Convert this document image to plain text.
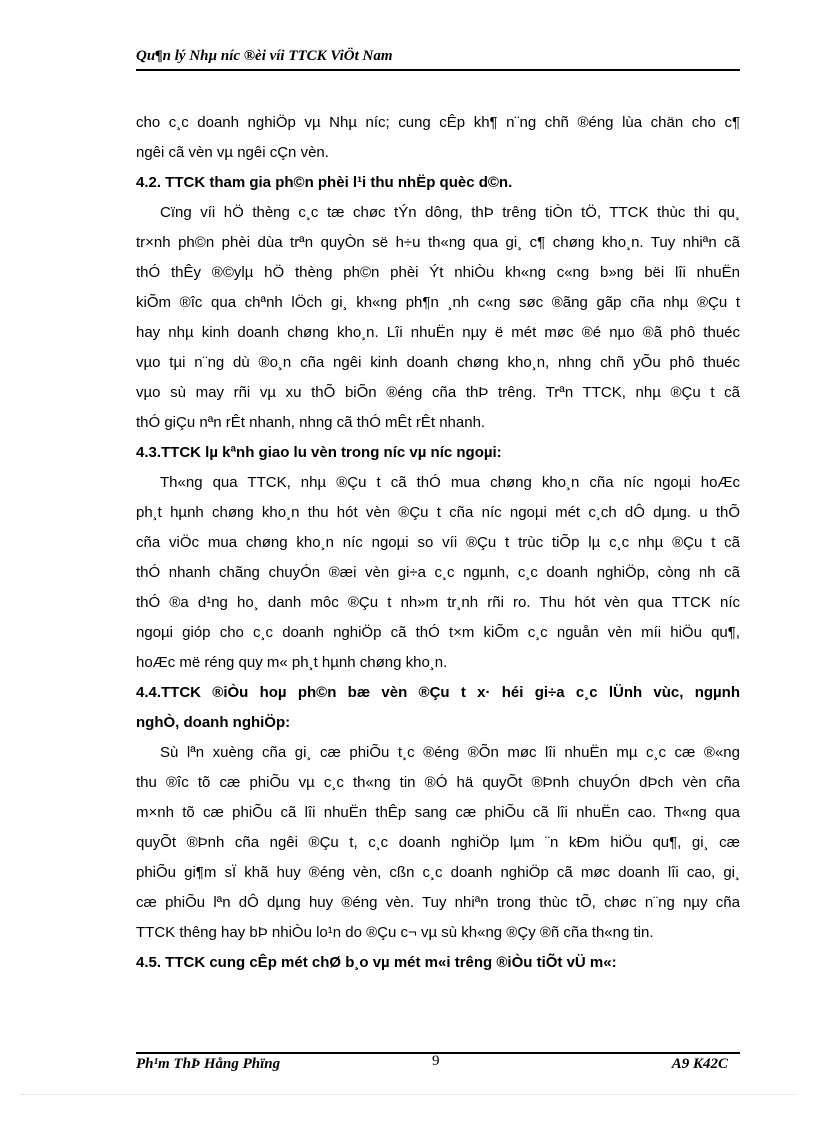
Qu¶n lý Nhµ níc ®èi víi TTCK ViÖt Nam
cho c¸c doanh nghiÖp vµ Nhµ níc; cung cÊp kh¶ n¨ng chñ ®éng lùa chän cho c¶
ngêi cã vèn vµ ngêi cÇn vèn.
4.2. TTCK tham gia ph©n phèi l¹i thu nhËp quèc d©n.
Cïng víi hÖ thèng c¸c tæ chøc tÝn dông, thÞ trêng tiÒn tÖ, TTCK thùc thi qu¸
tr×nh ph©n phèi dùa trªn quyÒn së h÷u th«ng qua gi¸ c¶ chøng kho¸n. Tuy nhiªn cã
thÓ thÊy ®©ylµ hÖ thèng ph©n phèi Ýt nhiÒu kh«ng c«ng b»ng bëi lîi nhuËn
kiÕm ®îc qua chªnh lÖch gi¸ kh«ng ph¶n ¸nh c«ng søc ®ãng gãp cña nhµ ®Çu t
hay nhµ kinh doanh chøng kho¸n. Lîi nhuËn nµy ë mét møc ®é nµo ®ã phô thuéc
vµo tµi n¨ng dù ®o¸n cña ngêi kinh doanh chøng kho¸n, nhng chñ yÕu phô thuéc
vµo sù may rñi vµ xu thÕ biÕn ®éng cña thÞ trêng. Trªn TTCK, nhµ ®Çu t cã
thÓ giÇu nªn rÊt nhanh, nhng cã thÓ mÊt rÊt nhanh.
4.3.TTCK lµ kªnh giao lu vèn trong níc vµ níc ngoµi:
Th«ng qua TTCK, nhµ ®Çu t cã thÓ mua chøng kho¸n cña níc ngoµi hoÆc
ph¸t hµnh chøng kho¸n thu hót vèn ®Çu t cña níc ngoµi mét c¸ch dÔ dµng. u thÕ
cña viÖc mua chøng kho¸n níc ngoµi so víi ®Çu t trùc tiÕp lµ c¸c nhµ ®Çu t cã
thÓ nhanh chãng chuyÓn ®æi vèn gi÷a c¸c ngµnh, c¸c doanh nghiÖp, còng nh cã
thÓ ®a d¹ng ho¸ danh môc ®Çu t nh»m tr¸nh rñi ro. Thu hót vèn qua TTCK níc
ngoµi gióp cho c¸c doanh nghiÖp cã thÓ t×m kiÕm c¸c nguån vèn míi hiÖu qu¶,
hoÆc më réng quy m« ph¸t hµnh chøng kho¸n.
4.4.TTCK ®iÒu hoµ ph©n bæ vèn ®Çu t x· héi gi÷a c¸c lÜnh vùc, ngµnh
nghÒ, doanh nghiÖp:
Sù lªn xuèng cña gi¸ cæ phiÕu t¸c ®éng ®Õn møc lîi nhuËn mµ c¸c cæ ®«ng
thu ®îc tõ cæ phiÕu vµ c¸c th«ng tin ®Ó hä quyÕt ®Þnh chuyÓn dÞch vèn cña
m×nh tõ cæ phiÕu cã lîi nhuËn thÊp sang cæ phiÕu cã lîi nhuËn cao. Th«ng qua
quyÕt ®Þnh cña ngêi ®Çu t, c¸c doanh nghiÖp lµm ¨n kÐm hiÖu qu¶, gi¸ cæ
phiÕu gi¶m sÏ khã huy ®éng vèn, cßn c¸c doanh nghiÖp cã møc doanh lîi cao, gi¸
cæ phiÕu lªn dÔ dµng huy ®éng vèn. Tuy nhiªn trong thùc tÕ, chøc n¨ng nµy cña
TTCK thêng hay bÞ nhiÒu lo¹n do ®Çu c¬ vµ sù kh«ng ®Çy ®ñ cña th«ng tin.
4.5. TTCK cung cÊp mét chØ b¸o vµ mét m«i trêng ®iÒu tiÕt vÜ m«:
Ph¹m ThÞ Hång Phïng	9	A9 K42C
